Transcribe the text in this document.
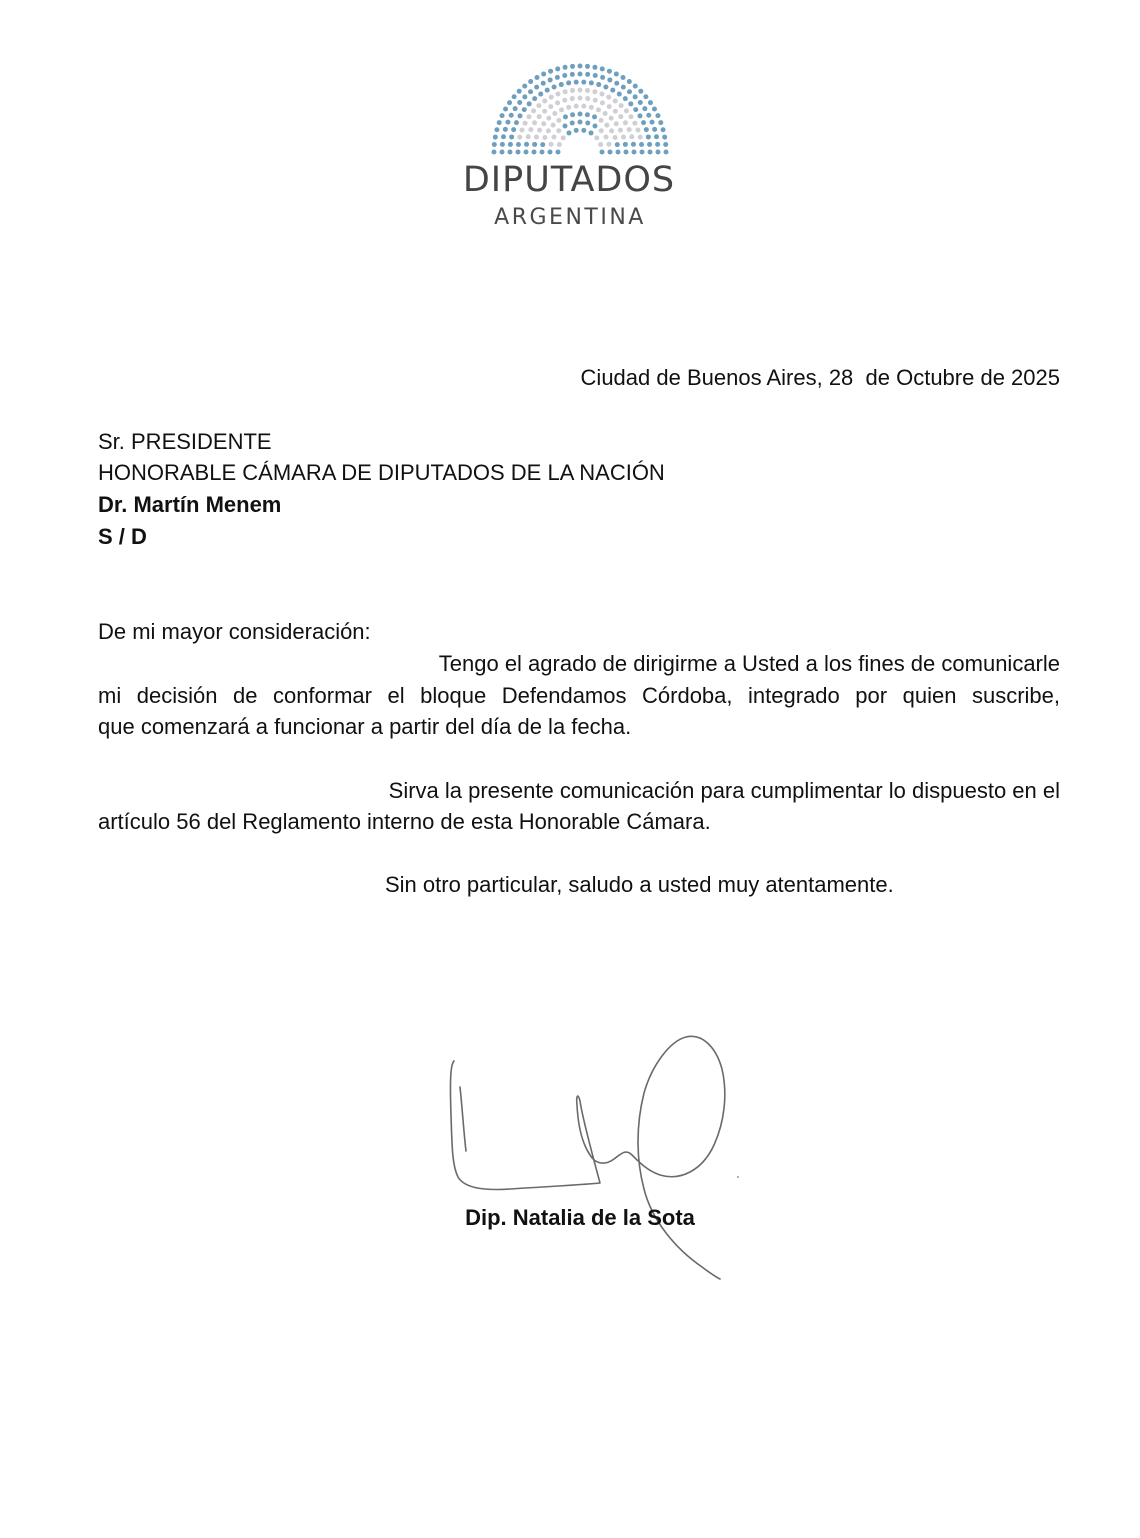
DIPUTADOS
ARGENTINA
Ciudad de Buenos Aires, 28  de Octubre de 2025
Sr. PRESIDENTE
HONORABLE CÁMARA DE DIPUTADOS DE LA NACIÓN
Dr. Martín Menem
S / D
De mi mayor consideración:
Tengo el agrado de dirigirme a Usted a los fines de comunicarle
mi decisión de conformar el bloque Defendamos Córdoba, integrado por quien suscribe,
que comenzará a funcionar a partir del día de la fecha.
Sirva la presente comunicación para cumplimentar lo dispuesto en el
artículo 56 del Reglamento interno de esta Honorable Cámara.
Sin otro particular, saludo a usted muy atentamente.
Dip. Natalia de la Sota
